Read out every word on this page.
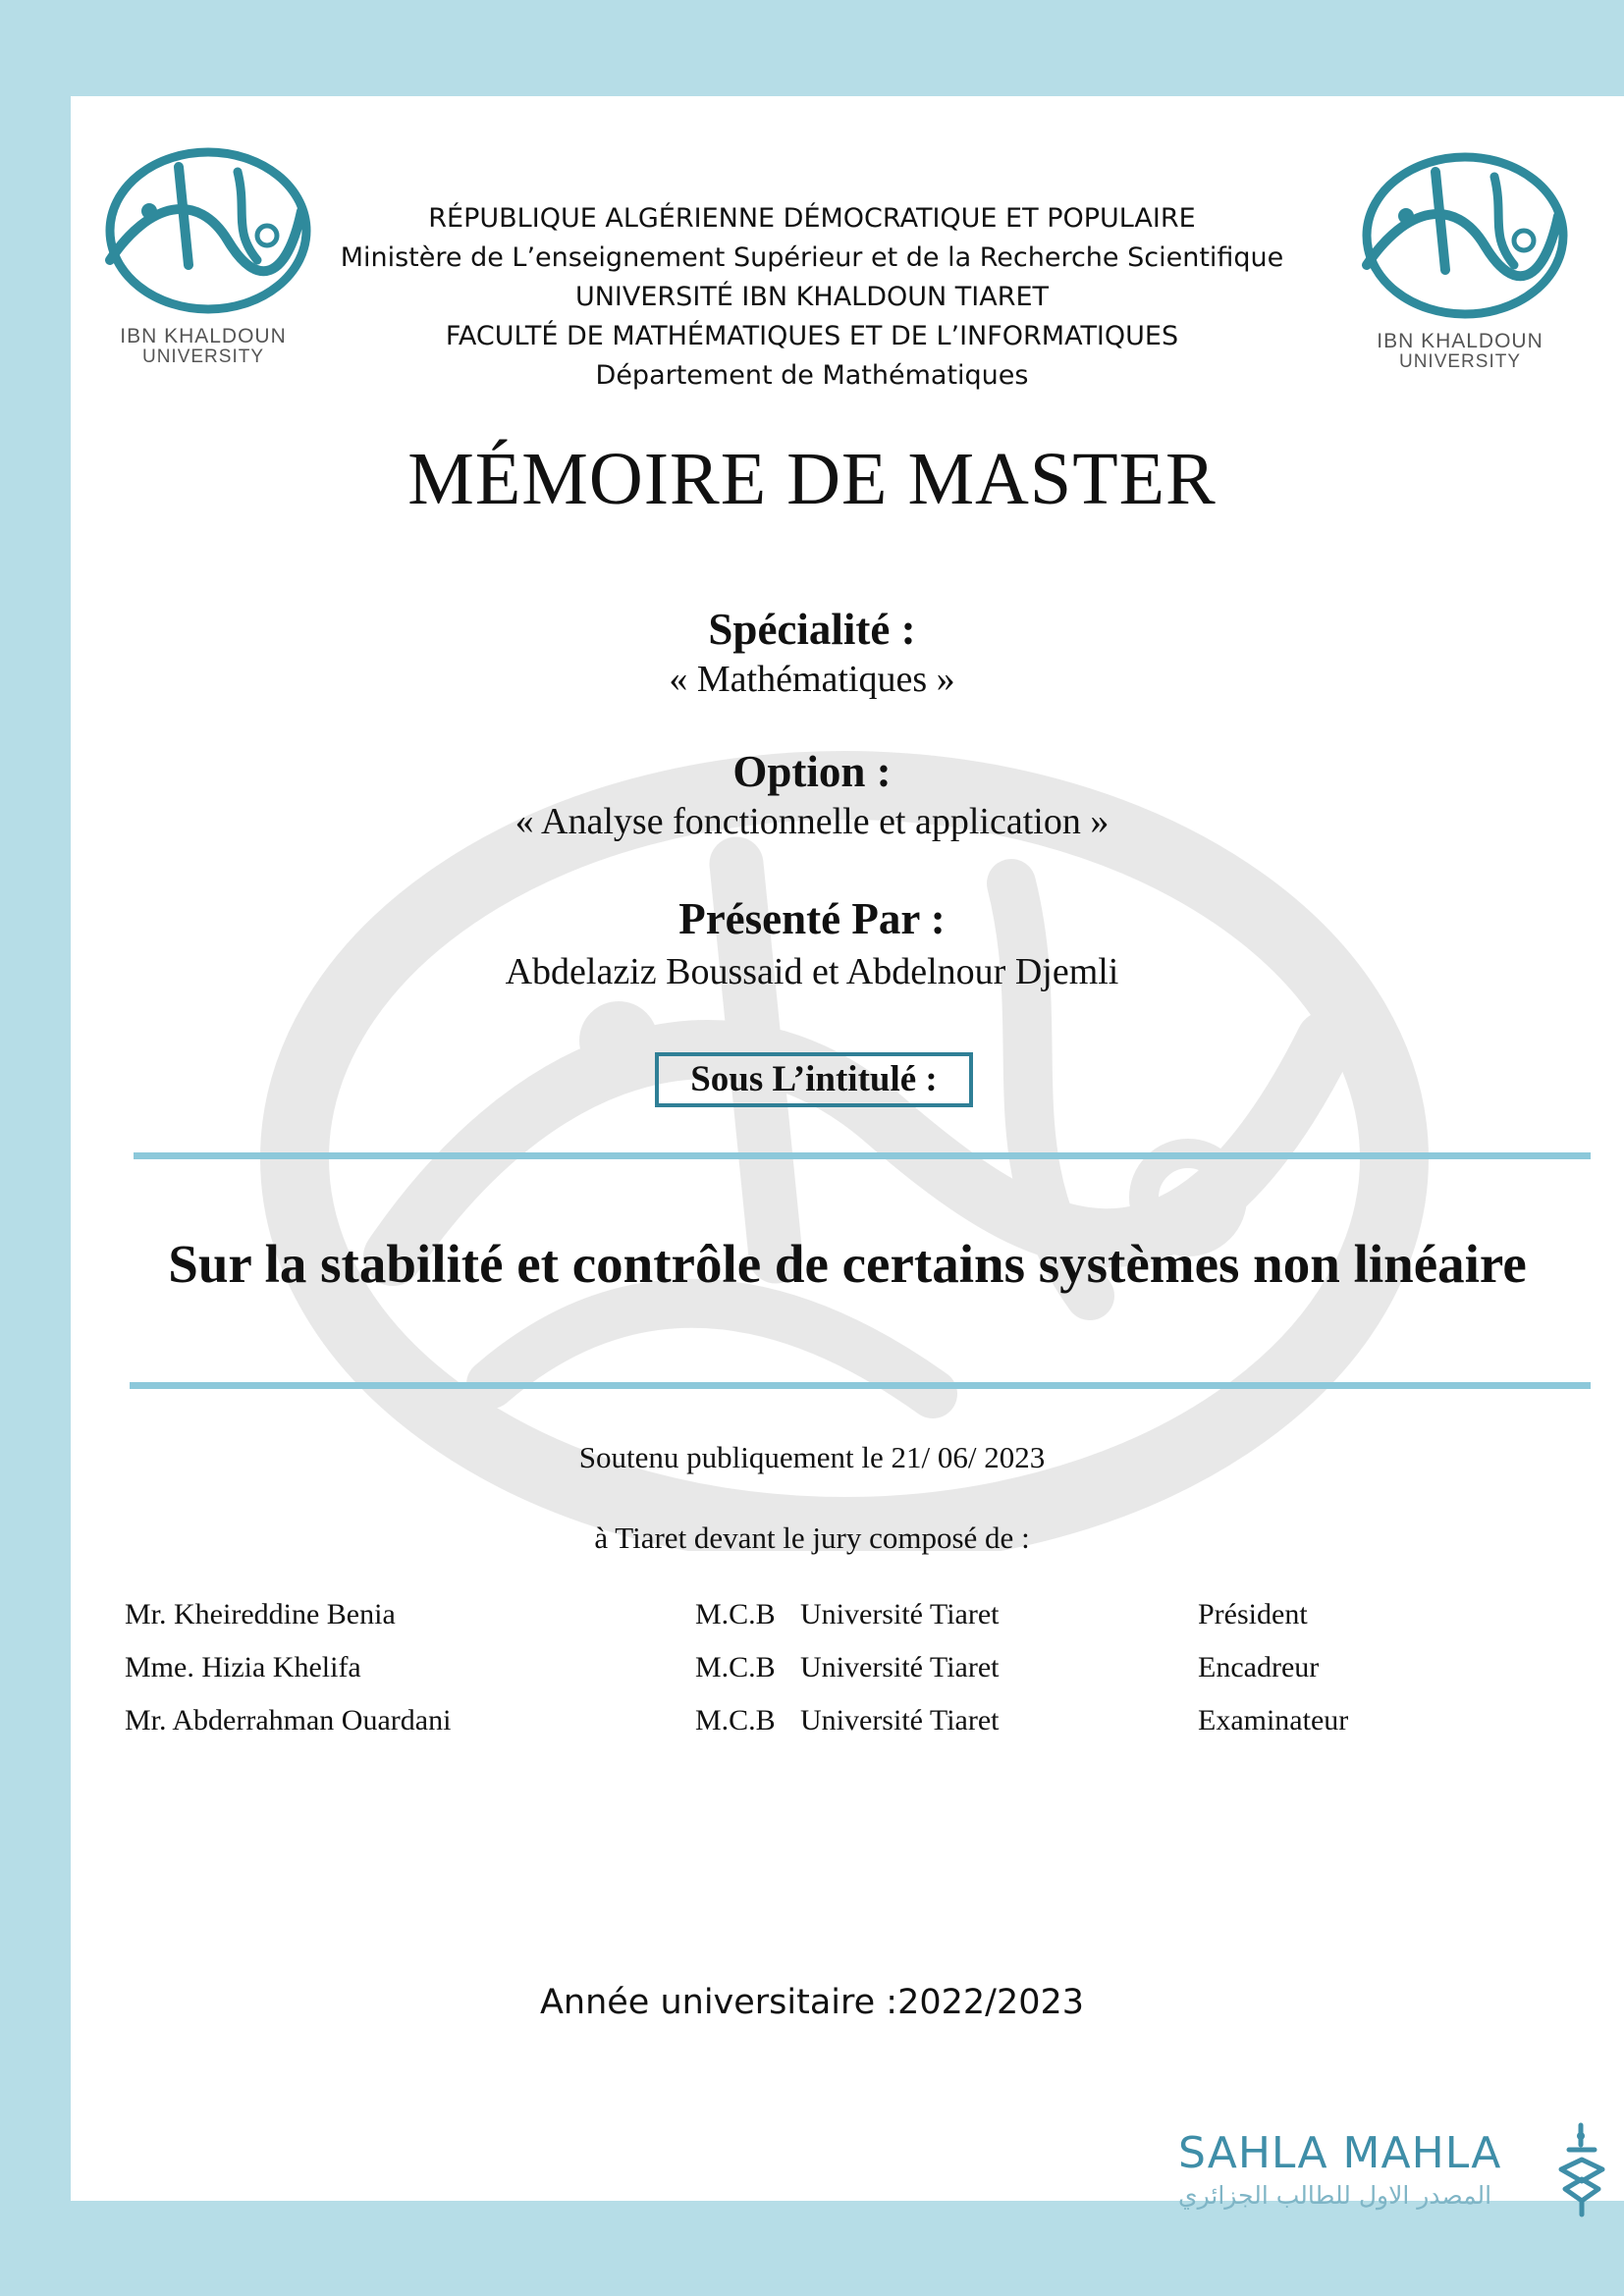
IBN KHALDOUN
UNIVERSITY
IBN KHALDOUN
UNIVERSITY
RÉPUBLIQUE ALGÉRIENNE DÉMOCRATIQUE ET POPULAIRE
Ministère de L’enseignement Supérieur et de la Recherche Scientifique
UNIVERSITÉ IBN KHALDOUN TIARET
FACULTÉ DE MATHÉMATIQUES ET DE L’INFORMATIQUES
Département de Mathématiques
MÉMOIRE DE MASTER
Spécialité :
« Mathématiques »
Option :
« Analyse fonctionnelle et application »
Présenté Par :
Abdelaziz Boussaid et Abdelnour Djemli
Sous L’intitulé :
Sur la stabilité et contrôle de certains systèmes non linéaire
Soutenu publiquement le 21/ 06/ 2023
à Tiaret devant le jury composé de :
Mr. Kheireddine Benia	M.C.B Université Tiaret	Président
Mme. Hizia Khelifa	M.C.B Université Tiaret	Encadreur
Mr. Abderrahman Ouardani	M.C.B Université Tiaret	Examinateur
Année universitaire :2022/2023
SAHLA MAHLA
المصدر الاول للطالب الجزائري
